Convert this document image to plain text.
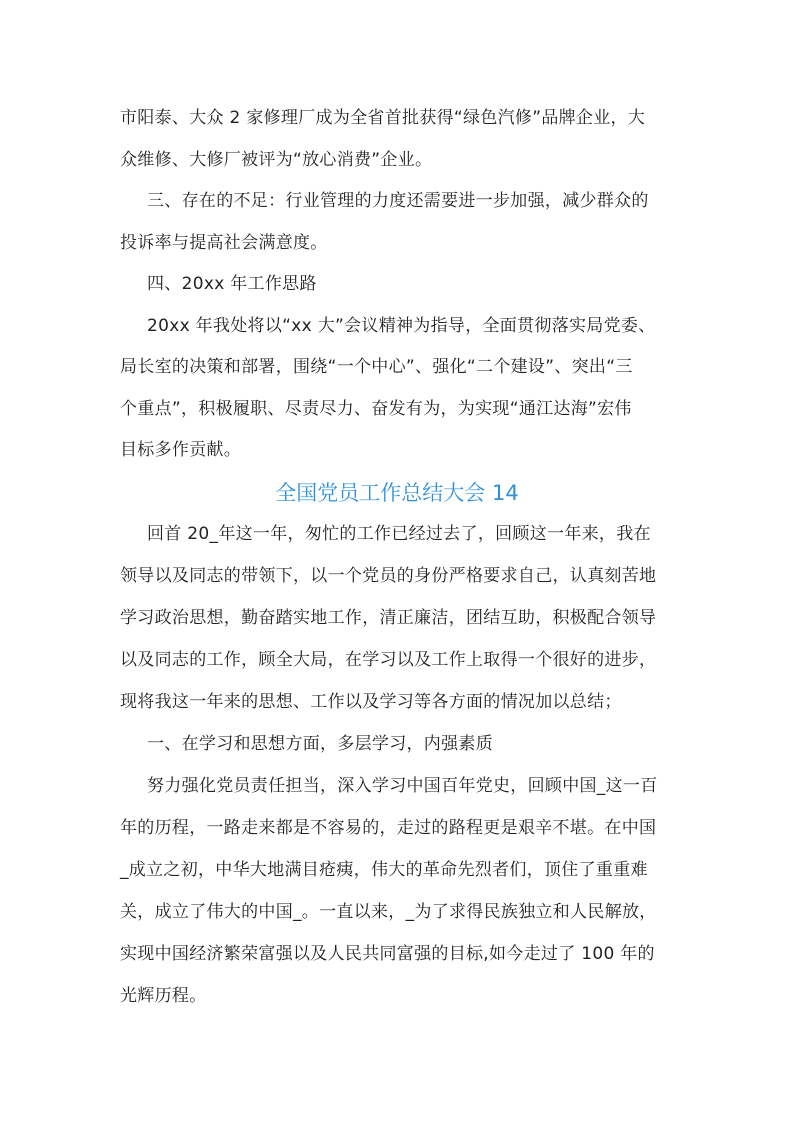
市阳泰、大众 2 家修理厂成为全省首批获得“绿色汽修”品牌企业，大
众维修、大修厂被评为“放心消费”企业。
三、存在的不足：行业管理的力度还需要进一步加强，减少群众的
投诉率与提高社会满意度。
四、20xx 年工作思路
20xx 年我处将以“xx 大”会议精神为指导，全面贯彻落实局党委、
局长室的决策和部署，围绕“一个中心”、强化“二个建设”、突出“三
个重点”，积极履职、尽责尽力、奋发有为，为实现“通江达海”宏伟
目标多作贡献。
全国党员工作总结大会 14
回首 20_年这一年，匆忙的工作已经过去了，回顾这一年来，我在
领导以及同志的带领下，以一个党员的身份严格要求自己，认真刻苦地
学习政治思想，勤奋踏实地工作，清正廉洁，团结互助，积极配合领导
以及同志的工作，顾全大局，在学习以及工作上取得一个很好的进步，
现将我这一年来的思想、工作以及学习等各方面的情况加以总结；
一、在学习和思想方面，多层学习，内强素质
努力强化党员责任担当，深入学习中国百年党史，回顾中国_这一百
年的历程，一路走来都是不容易的，走过的路程更是艰辛不堪。在中国
_成立之初，中华大地满目疮痍，伟大的革命先烈者们，顶住了重重难
关，成立了伟大的中国_。一直以来，_为了求得民族独立和人民解放，
实现中国经济繁荣富强以及人民共同富强的目标,如今走过了 100 年的
光辉历程。
